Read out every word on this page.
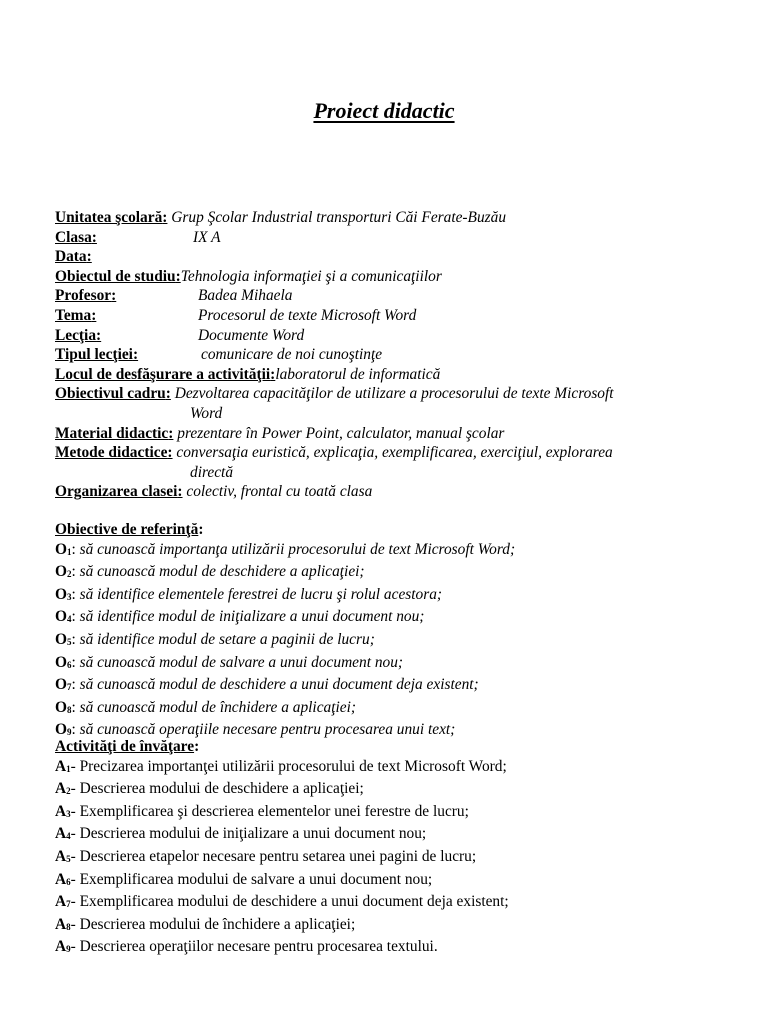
Proiect didactic
Unitatea şcolară: Grup Şcolar Industrial transporturi Căi Ferate-Buzău
Clasa:	IX A
Data:
Obiectul de studiu:Tehnologia informaţiei şi a comunicaţiilor
Profesor:	Badea Mihaela
Tema:	Procesorul de texte Microsoft Word
Lecţia:	Documente Word
Tipul lecţiei:	comunicare de noi cunoştinţe
Locul de desfăşurare a activităţii:laboratorul de informatică
Obiectivul cadru: Dezvoltarea capacităţilor de utilizare a procesorului de texte Microsoft
Word
Material didactic: prezentare în Power Point, calculator, manual şcolar
Metode didactice: conversaţia euristică, explicaţia, exemplificarea, exerciţiul, explorarea
directă
Organizarea clasei: colectiv, frontal cu toată clasa
Obiective de referinţă:
$O_1$: să cunoască importanţa utilizării procesorului de text Microsoft Word;
$O_2$: să cunoască modul de deschidere a aplicaţiei;
$O_3$: să identifice elementele ferestrei de lucru şi rolul acestora;
$O_4$: să identifice modul de iniţializare a unui document nou;
$O_5$: să identifice modul de setare a paginii de lucru;
$O_6$: să cunoască modul de salvare a unui document nou;
$O_7$: să cunoască modul de deschidere a unui document deja existent;
$O_8$: să cunoască modul de închidere a aplicaţiei;
$O_9$: să cunoască operaţiile necesare pentru procesarea unui text;
Activităţi de învăţare:
$A_1-$ Precizarea importanţei utilizării procesorului de text Microsoft Word;
$A_2-$ Descrierea modului de deschidere a aplicaţiei;
$A_3-$ Exemplificarea şi descrierea elementelor unei ferestre de lucru;
$A_4-$ Descrierea modului de iniţializare a unui document nou;
$A_5-$ Descrierea etapelor necesare pentru setarea unei pagini de lucru;
$A_6-$ Exemplificarea modului de salvare a unui document nou;
$A_7-$ Exemplificarea modului de deschidere a unui document deja existent;
$A_8-$ Descrierea modului de închidere a aplicaţiei;
$A_9-$ Descrierea operaţiilor necesare pentru procesarea textului.
